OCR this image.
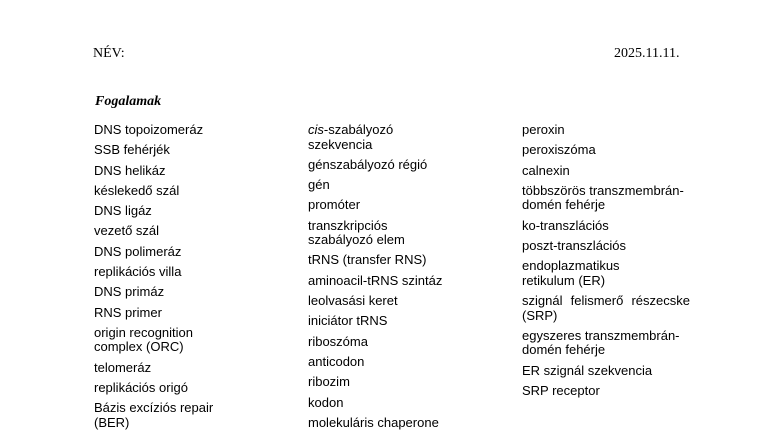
NÉV:	2025.11.11.
Fogalamak
DNS topoizomeráz
SSB fehérjék
DNS helikáz
késlekedő szál
DNS ligáz
vezető szál
DNS polimeráz
replikációs villa
DNS primáz
RNS primer
origin recognition complex (ORC)
telomeráz
replikációs origó
Bázis excíziós repair (BER)
cis-szabályozó szekvencia
génszabályozó régió
gén
promóter
transzkripciós szabályozó elem
tRNS (transfer RNS)
aminoacil-tRNS szintáz
leolvasási keret
iniciátor tRNS
riboszóma
anticodon
ribozim
kodon
molekuláris chaperone
peroxin
peroxiszóma
calnexin
többszörös transzmembrán-domén fehérje
ko-transzlációs
poszt-transzlációs
endoplazmatikus retikulum (ER)
szignál felismerő részecske (SRP)
egyszeres transzmembrán-domén fehérje
ER szignál szekvencia
SRP receptor
